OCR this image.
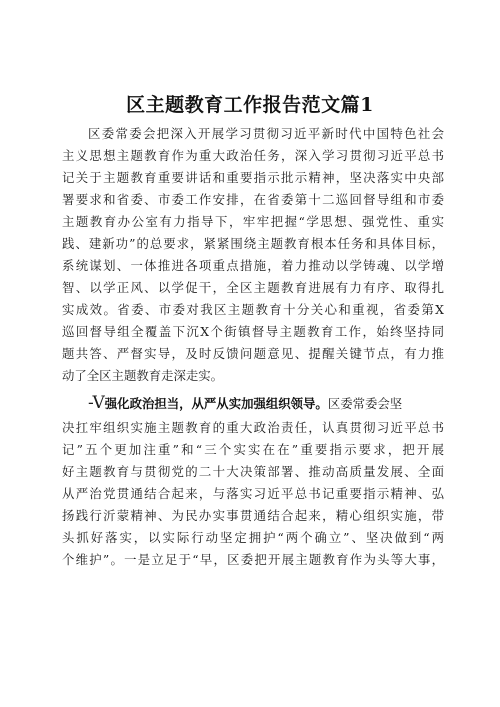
区主题教育工作报告范文篇1
区委常委会把深入开展学习贯彻习近平新时代中国特色社会
主义思想主题教育作为重大政治任务，深入学习贯彻习近平总书
记关于主题教育重要讲话和重要指示批示精神，坚决落实中央部
署要求和省委、市委工作安排，在省委第十二巡回督导组和市委
主题教育办公室有力指导下，牢牢把握“学思想、强党性、重实
践、建新功”的总要求，紧紧围绕主题教育根本任务和具体目标，
系统谋划、一体推进各项重点措施，着力推动以学铸魂、以学增
智、以学正风、以学促干，全区主题教育进展有力有序、取得扎
实成效。省委、市委对我区主题教育十分关心和重视，省委第X
巡回督导组全覆盖下沉X个街镇督导主题教育工作，始终坚持同
题共答、严督实导，及时反馈问题意见、提醒关键节点，有力推
动了全区主题教育走深走实。
-V强化政治担当，从严从实加强组织领导。区委常委会坚
决扛牢组织实施主题教育的重大政治责任，认真贯彻习近平总书
记”五个更加注重”和“三个实实在在”重要指示要求，把开展
好主题教育与贯彻党的二十大决策部署、推动高质量发展、全面
从严治党贯通结合起来，与落实习近平总书记重要指示精神、弘
扬践行沂蒙精神、为民办实事贯通结合起来，精心组织实施，带
头抓好落实，以实际行动坚定拥护“两个确立”、坚决做到“两
个维护”。一是立足于“早，区委把开展主题教育作为头等大事，
